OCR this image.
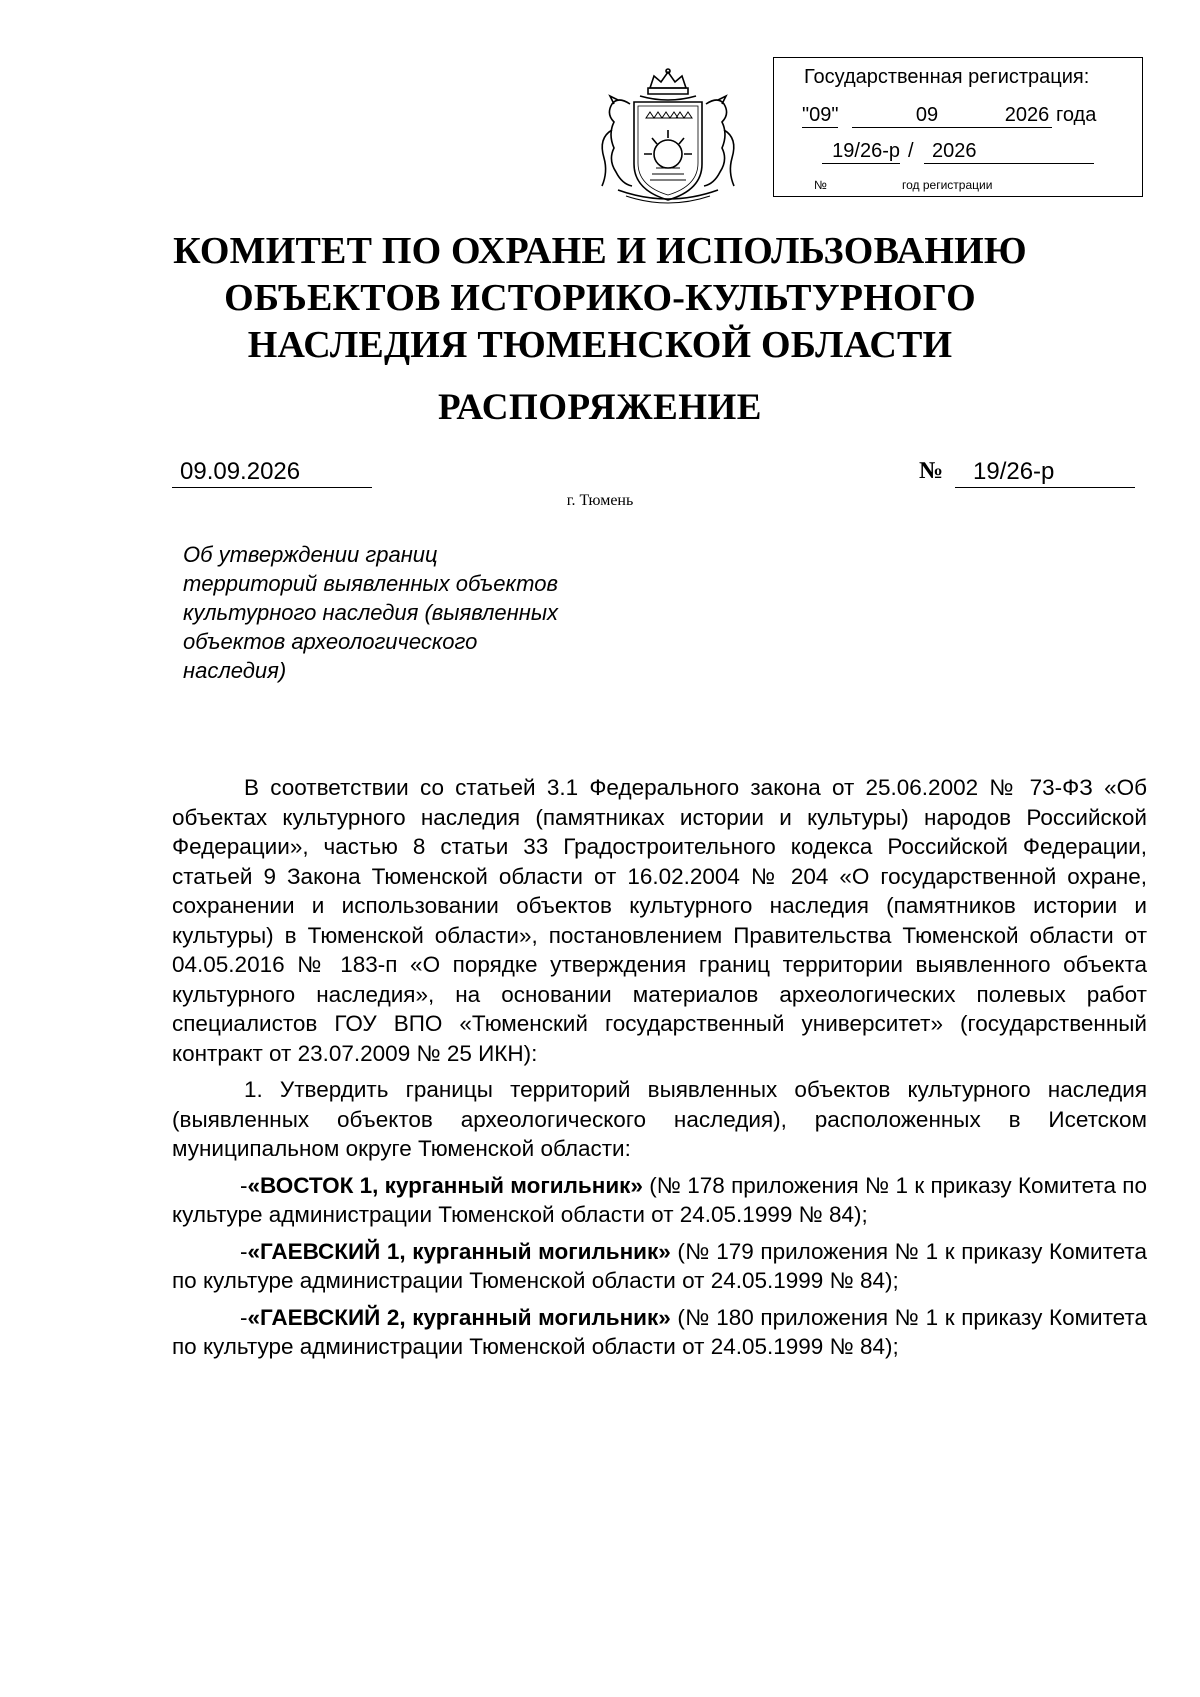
Государственная регистрация:
"09"	09	2026 года
19/26-р / 2026
№	год регистрации
КОМИТЕТ ПО ОХРАНЕ И ИСПОЛЬЗОВАНИЮ
ОБЪЕКТОВ ИСТОРИКО-КУЛЬТУРНОГО
НАСЛЕДИЯ ТЮМЕНСКОЙ ОБЛАСТИ
РАСПОРЯЖЕНИЕ
09.09.2026	№	19/26-р
г. Тюмень
Об утверждении границ
территорий выявленных объектов
культурного наследия (выявленных
объектов археологического
наследия)

В соответствии со статьей 3.1 Федерального закона от 25.06.2002 № 73-ФЗ «Об объектах культурного наследия (памятниках истории и культуры) народов Российской Федерации», частью 8 статьи 33 Градостроительного кодекса Российской Федерации, статьей 9 Закона Тюменской области от 16.02.2004 № 204 «О государственной охране, сохранении и использовании объектов культурного наследия (памятников истории и культуры) в Тюменской области», постановлением Правительства Тюменской области от 04.05.2016 № 183-п «О порядке утверждения границ территории выявленного объекта культурного наследия», на основании материалов археологических полевых работ специалистов ГОУ ВПО «Тюменский государственный университет» (государственный контракт от 23.07.2009 № 25 ИКН):

1. Утвердить границы территорий выявленных объектов культурного наследия (выявленных объектов археологического наследия), расположенных в Исетском муниципальном округе Тюменской области:

-«ВОСТОК 1, курганный могильник» (№ 178 приложения № 1 к приказу Комитета по культуре администрации Тюменской области от 24.05.1999 № 84);

-«ГАЕВСКИЙ 1, курганный могильник» (№ 179 приложения № 1 к приказу Комитета по культуре администрации Тюменской области от 24.05.1999 № 84);

-«ГАЕВСКИЙ 2, курганный могильник» (№ 180 приложения № 1 к приказу Комитета по культуре администрации Тюменской области от 24.05.1999 № 84);
